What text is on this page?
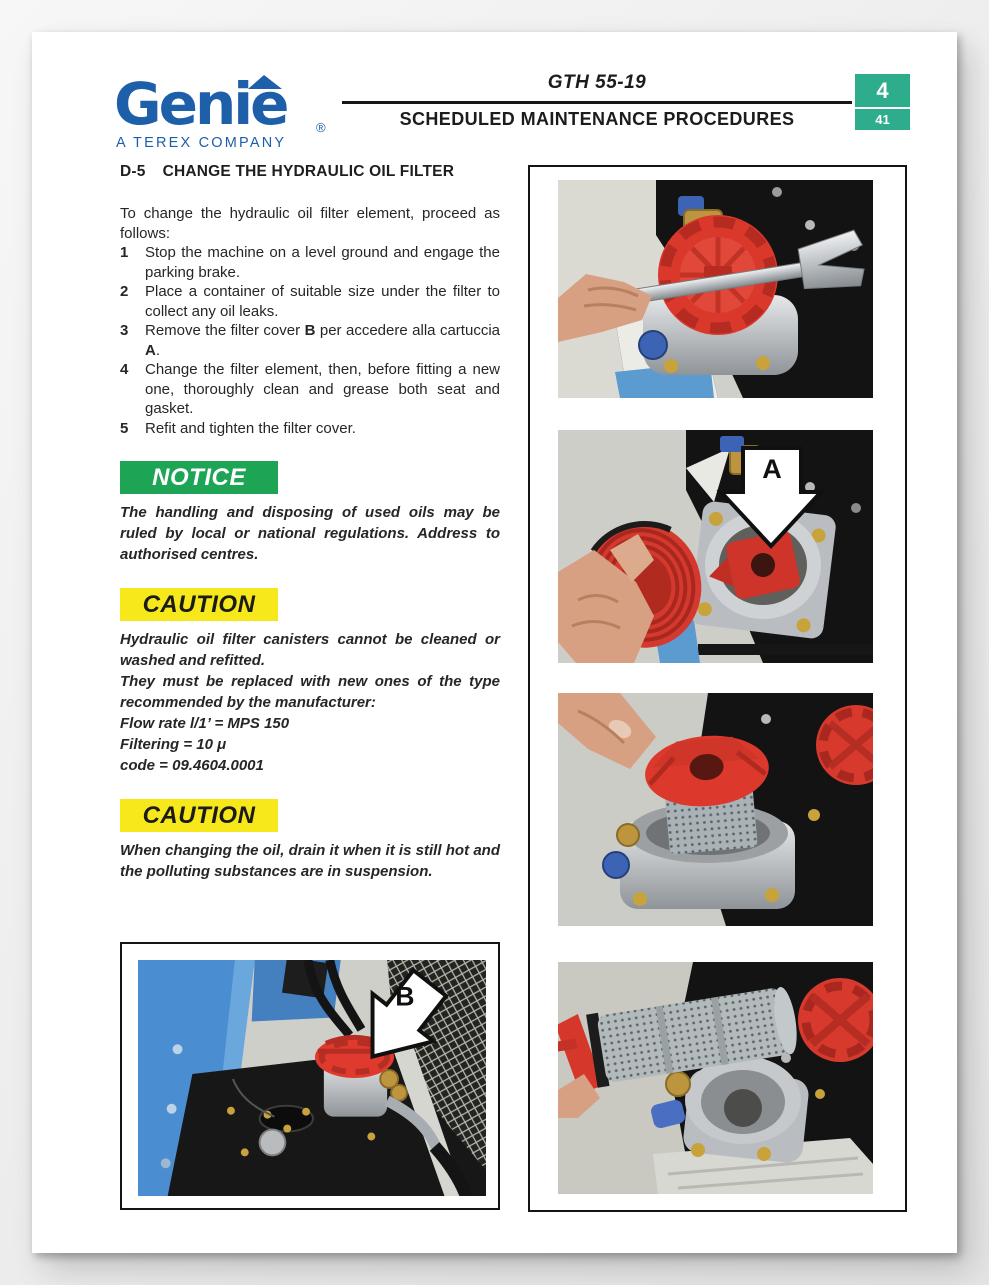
Genie ®
A TEREX COMPANY
GTH 55-19
SCHEDULED MAINTENANCE PROCEDURES
4
41
D-5 CHANGE THE HYDRAULIC OIL FILTER

To change the hydraulic oil filter element, proceed as follows:

1	Stop the machine on a level ground and engage the parking brake.
2	Place a container of suitable size under the filter to collect any oil leaks.
3	Remove the filter cover B per accedere alla cartuccia A.
4	Change the filter element, then, before fitting a new one, thoroughly clean and grease both seat and gasket.
5	Refit and tighten the filter cover.
NOTICE

The handling and disposing of used oils may be ruled by local or national regulations. Address to authorised centres.

CAUTION
Hydraulic oil filter canisters cannot be cleaned or washed and refitted.
They must be replaced with new ones of the type recommended by the manufacturer:
Flow rate l/1’ = MPS 150
Filtering = 10 μ
code = 09.4604.0001
CAUTION

When changing the oil, drain it when it is still hot and the polluting substances are in suspension.

A
B
